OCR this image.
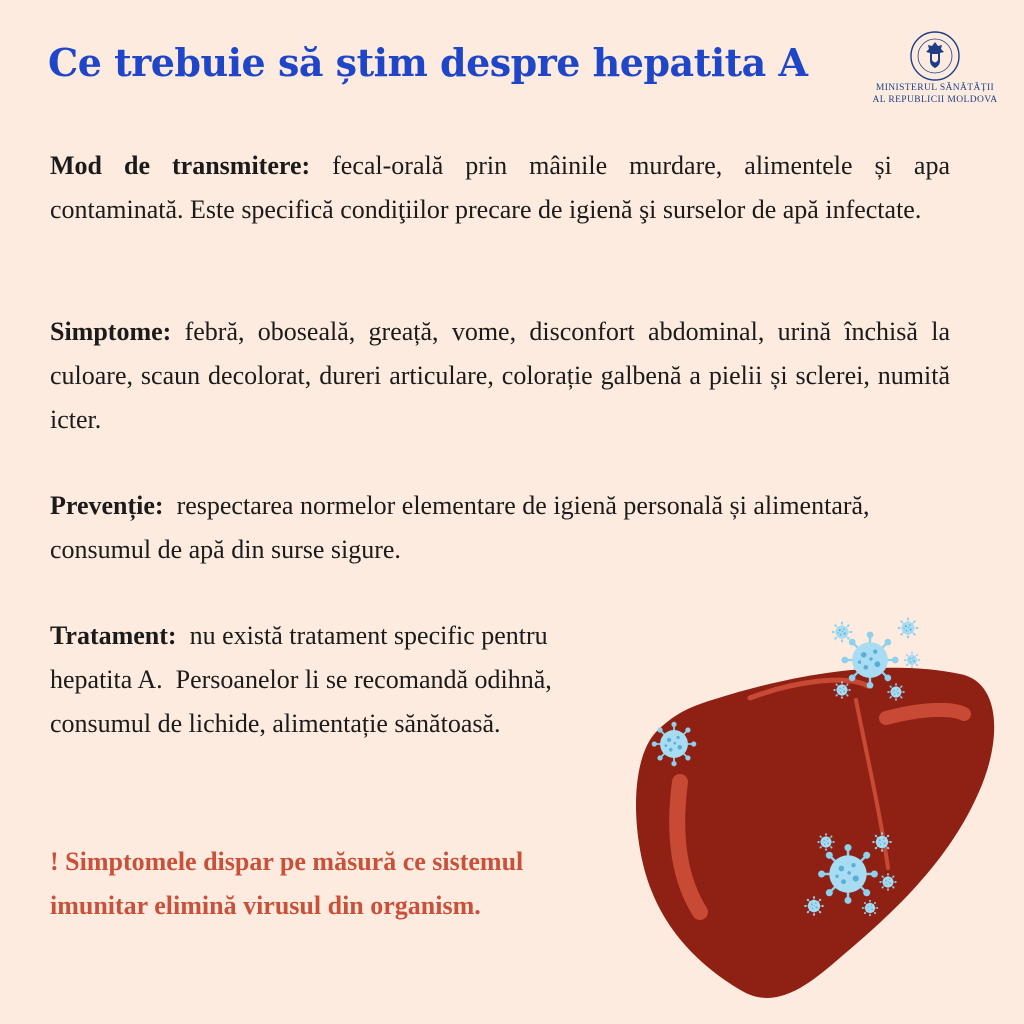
Ce trebuie să știm despre hepatita A
MINISTERUL SĂNĂTĂȚII
AL REPUBLICII MOLDOVA

Mod de transmitere: fecal-orală prin mâinile murdare, alimentele și apa contaminată. Este specifică condiţiilor precare de igienă şi surselor de apă infectate.

Simptome: febră, oboseală, greață, vome, disconfort abdominal, urină închisă la culoare, scaun decolorat, dureri articulare, colorație galbenă a pielii și sclerei, numită icter.

Prevenție:  respectarea normelor elementare de igienă personală și alimentară, consumul de apă din surse sigure.

Tratament:  nu există tratament specific pentru hepatita A.  Persoanelor li se recomandă odihnă, consumul de lichide, alimentație sănătoasă.

! Simptomele dispar pe măsură ce sistemul imunitar elimină virusul din organism.
